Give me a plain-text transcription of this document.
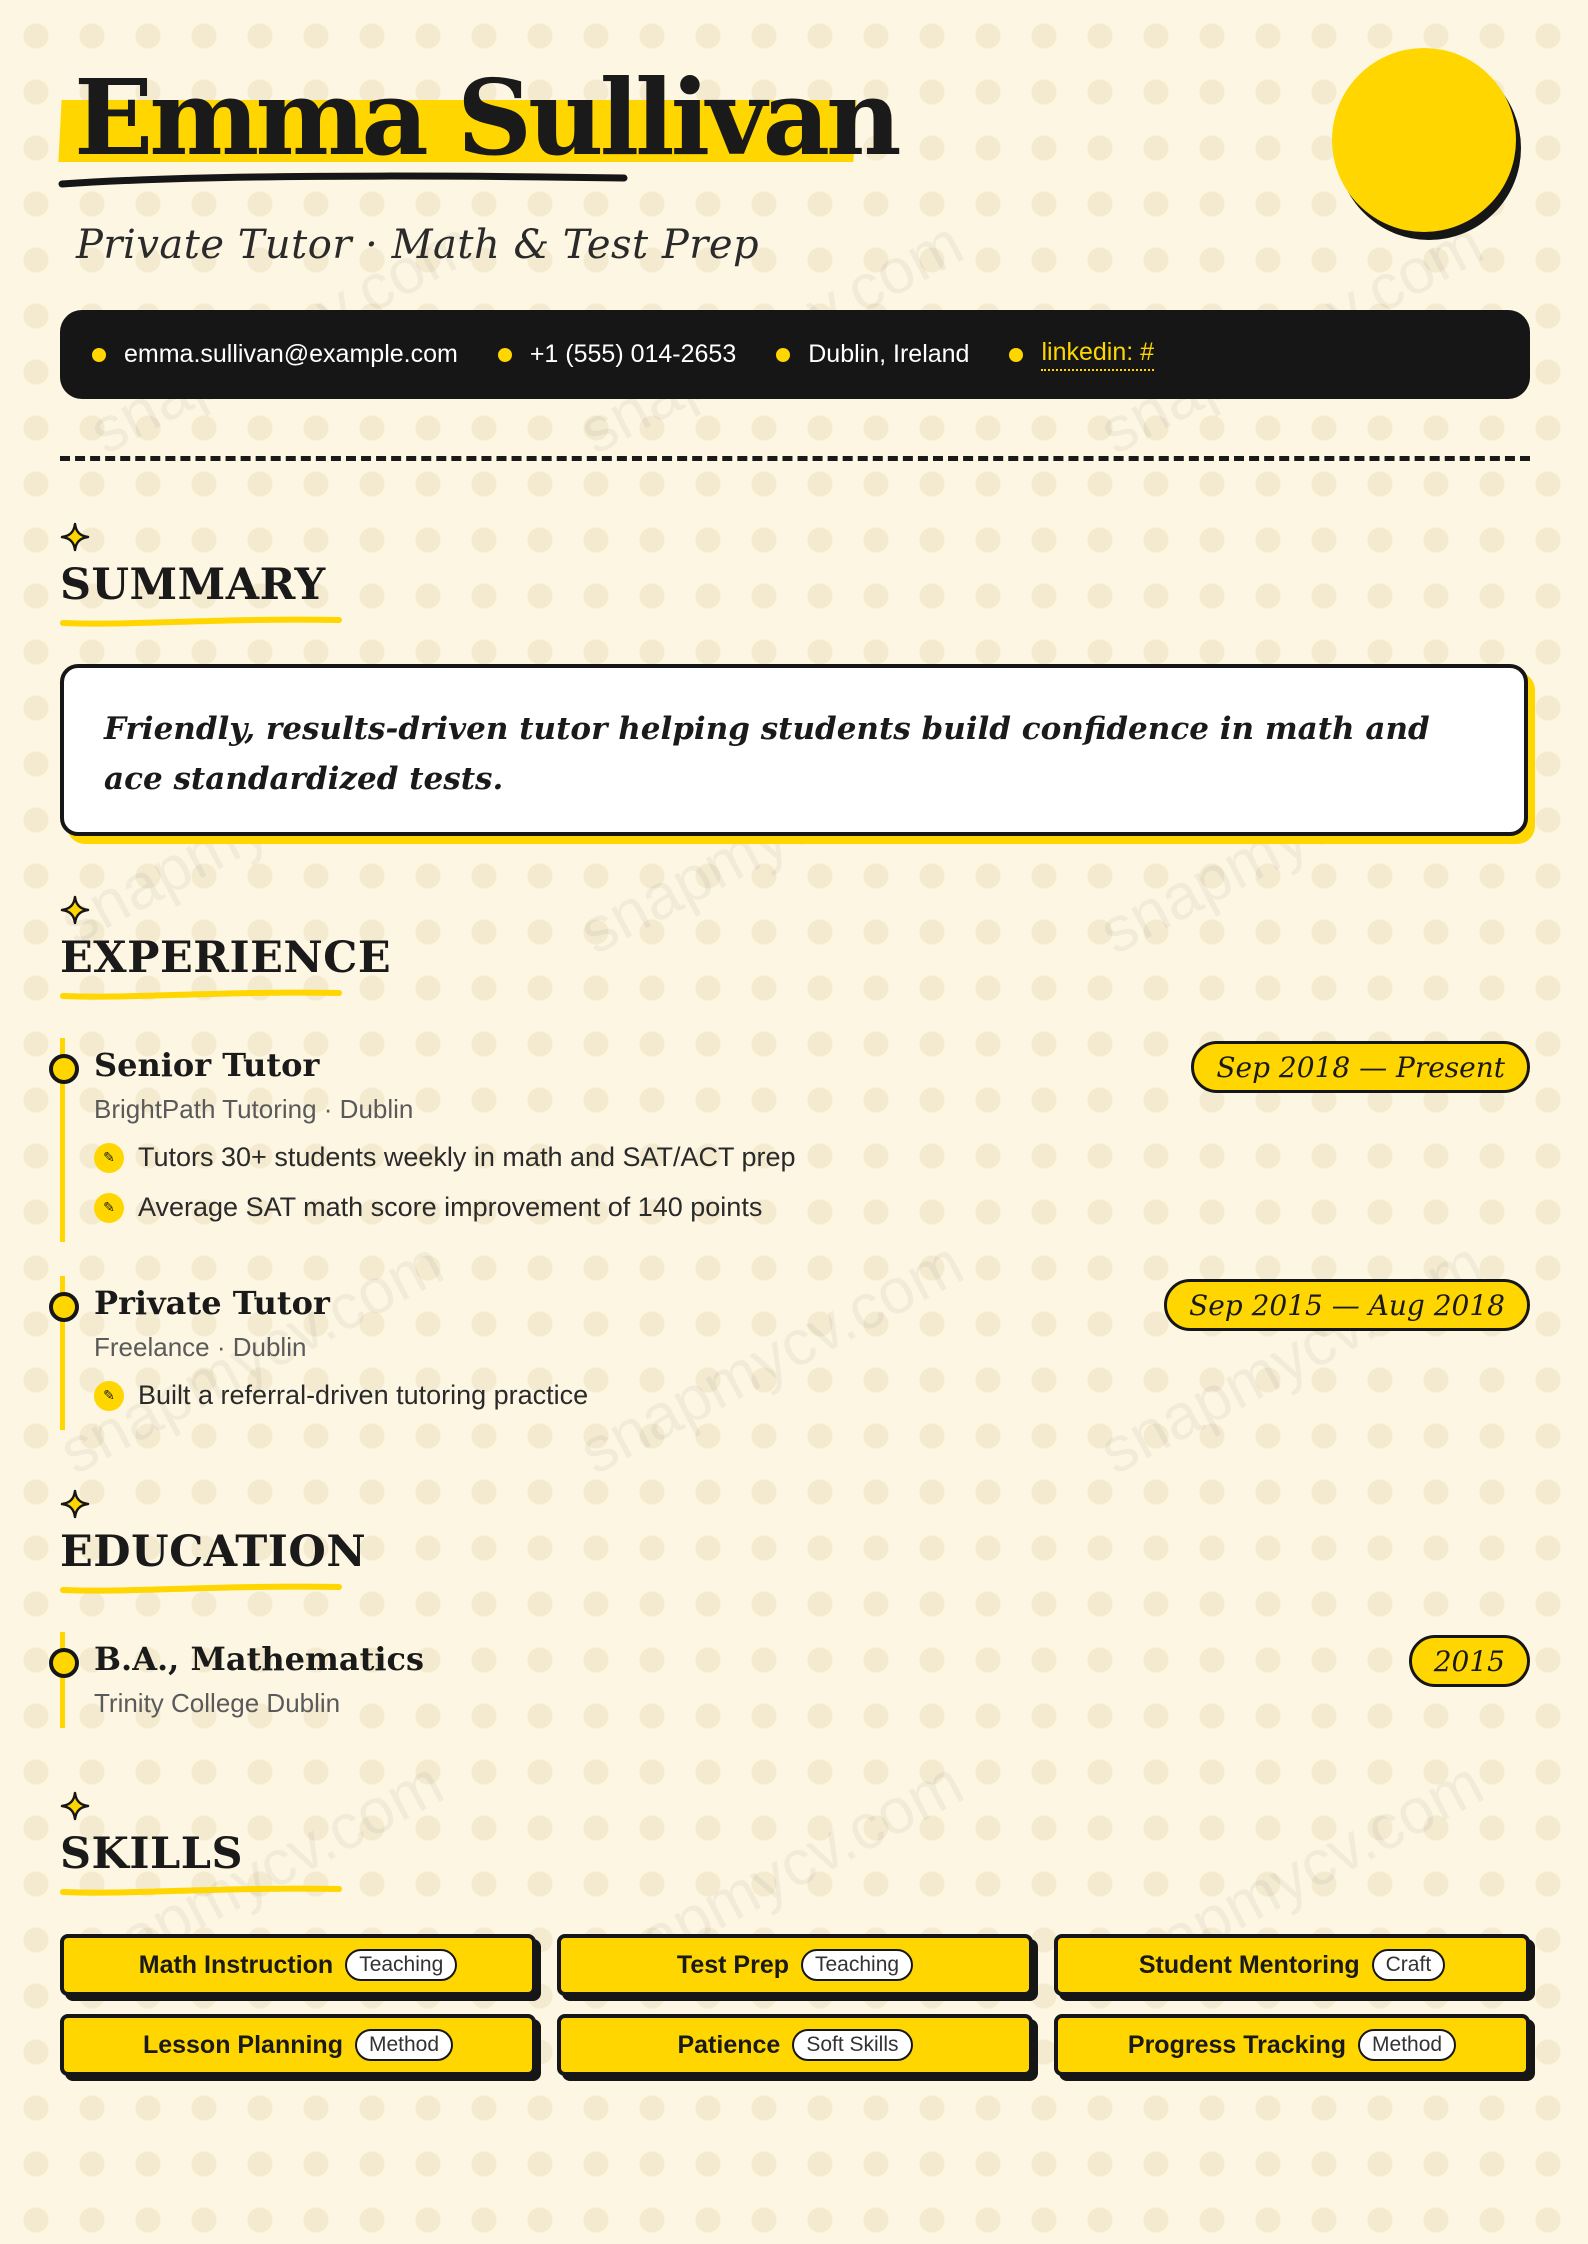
Emma Sullivan
Private Tutor · Math & Test Prep
emma.sullivan@example.com	+1 (555) 014-2653	Dublin, Ireland	linkedin: #
SUMMARY
Friendly, results-driven tutor helping students build confidence in math and ace standardized tests.
EXPERIENCE
Senior Tutor
BrightPath Tutoring · Dublin
✎ Tutors 30+ students weekly in math and SAT/ACT prep
✎ Average SAT math score improvement of 140 points
Sep 2018 — Present
Private Tutor
Freelance · Dublin
✎ Built a referral-driven tutoring practice
Sep 2015 — Aug 2018
EDUCATION
B.A., Mathematics
Trinity College Dublin
2015
SKILLS
Math Instruction	Teaching	Test Prep	Teaching	Student Mentoring	Craft
Lesson Planning	Method	Patience	Soft Skills	Progress Tracking	Method
